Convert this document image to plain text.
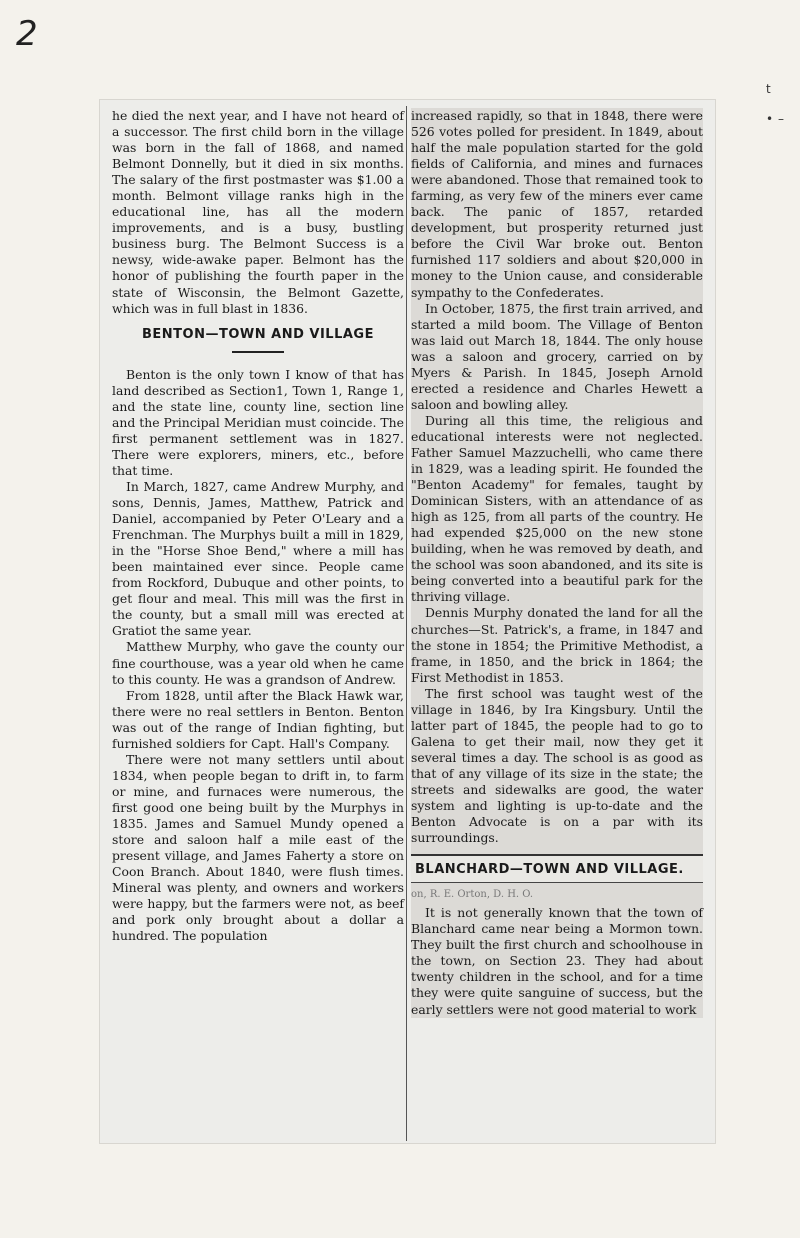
2
t
• –

he died the next year, and I have not heard of a successor. The first child born in the village was born in the fall of 1868, and named Belmont Donnelly, but it died in six months. The salary of the first postmaster was $1.00 a month. Belmont village ranks high in the educational line, has all the modern improvements, and is a busy, bustling business burg. The Belmont Success is a newsy, wide-awake paper. Belmont has the honor of publishing the fourth paper in the state of Wisconsin, the Belmont Gazette, which was in full blast in 1836.

BENTON—TOWN AND VILLAGE

Benton is the only town I know of that has land described as Section1, Town 1, Range 1, and the state line, county line, section line and the Principal Meridian must coincide. The first permanent settlement was in 1827. There were explorers, miners, etc., before that time.

In March, 1827, came Andrew Murphy, and sons, Dennis, James, Matthew, Patrick and Daniel, accompanied by Peter O'Leary and a Frenchman. The Murphys built a mill in 1829, in the "Horse Shoe Bend," where a mill has been maintained ever since. People came from Rockford, Dubuque and other points, to get flour and meal. This mill was the first in the county, but a small mill was erected at Gratiot the same year.

Matthew Murphy, who gave the county our fine courthouse, was a year old when he came to this county. He was a grandson of Andrew.

From 1828, until after the Black Hawk war, there were no real settlers in Benton. Benton was out of the range of Indian fighting, but furnished soldiers for Capt. Hall's Company.

There were not many settlers until about 1834, when people began to drift in, to farm or mine, and furnaces were numerous, the first good one being built by the Murphys in 1835. James and Samuel Mundy opened a store and saloon half a mile east of the present village, and James Faherty a store on Coon Branch. About 1840, were flush times. Mineral was plenty, and owners and workers were happy, but the farmers were not, as beef and pork only brought about a dollar a hundred. The population

increased rapidly, so that in 1848, there were 526 votes polled for president. In 1849, about half the male population started for the gold fields of California, and mines and furnaces were abandoned. Those that remained took to farming, as very few of the miners ever came back. The panic of 1857, retarded development, but prosperity returned just before the Civil War broke out. Benton furnished 117 soldiers and about $20,000 in money to the Union cause, and considerable sympathy to the Confederates.

In October, 1875, the first train arrived, and started a mild boom. The Village of Benton was laid out March 18, 1844. The only house was a saloon and grocery, carried on by Myers & Parish. In 1845, Joseph Arnold erected a residence and Charles Hewett a saloon and bowling alley.

During all this time, the religious and educational interests were not neglected. Father Samuel Mazzuchelli, who came there in 1829, was a leading spirit. He founded the "Benton Academy" for females, taught by Dominican Sisters, with an attendance of as high as 125, from all parts of the country. He had expended $25,000 on the new stone building, when he was removed by death, and the school was soon abandoned, and its site is being converted into a beautiful park for the thriving village.

Dennis Murphy donated the land for all the churches—St. Patrick's, a frame, in 1847 and the stone in 1854; the Primitive Methodist, a frame, in 1850, and the brick in 1864; the First Methodist in 1853.

The first school was taught west of the village in 1846, by Ira Kingsbury. Until the latter part of 1845, the people had to go to Galena to get their mail, now they get it several times a day. The school is as good as that of any village of its size in the state; the streets and sidewalks are good, the water system and lighting is up-to-date and the Benton Advocate is on a par with its surroundings.

BLANCHARD—TOWN AND VILLAGE.
on, R. E. Orton, D. H. O.

It is not generally known that the town of Blanchard came near being a Mormon town. They built the first church and schoolhouse in the town, on Section 23. They had about twenty children in the school, and for a time they were quite sanguine of success, but the early settlers were not good material to work
